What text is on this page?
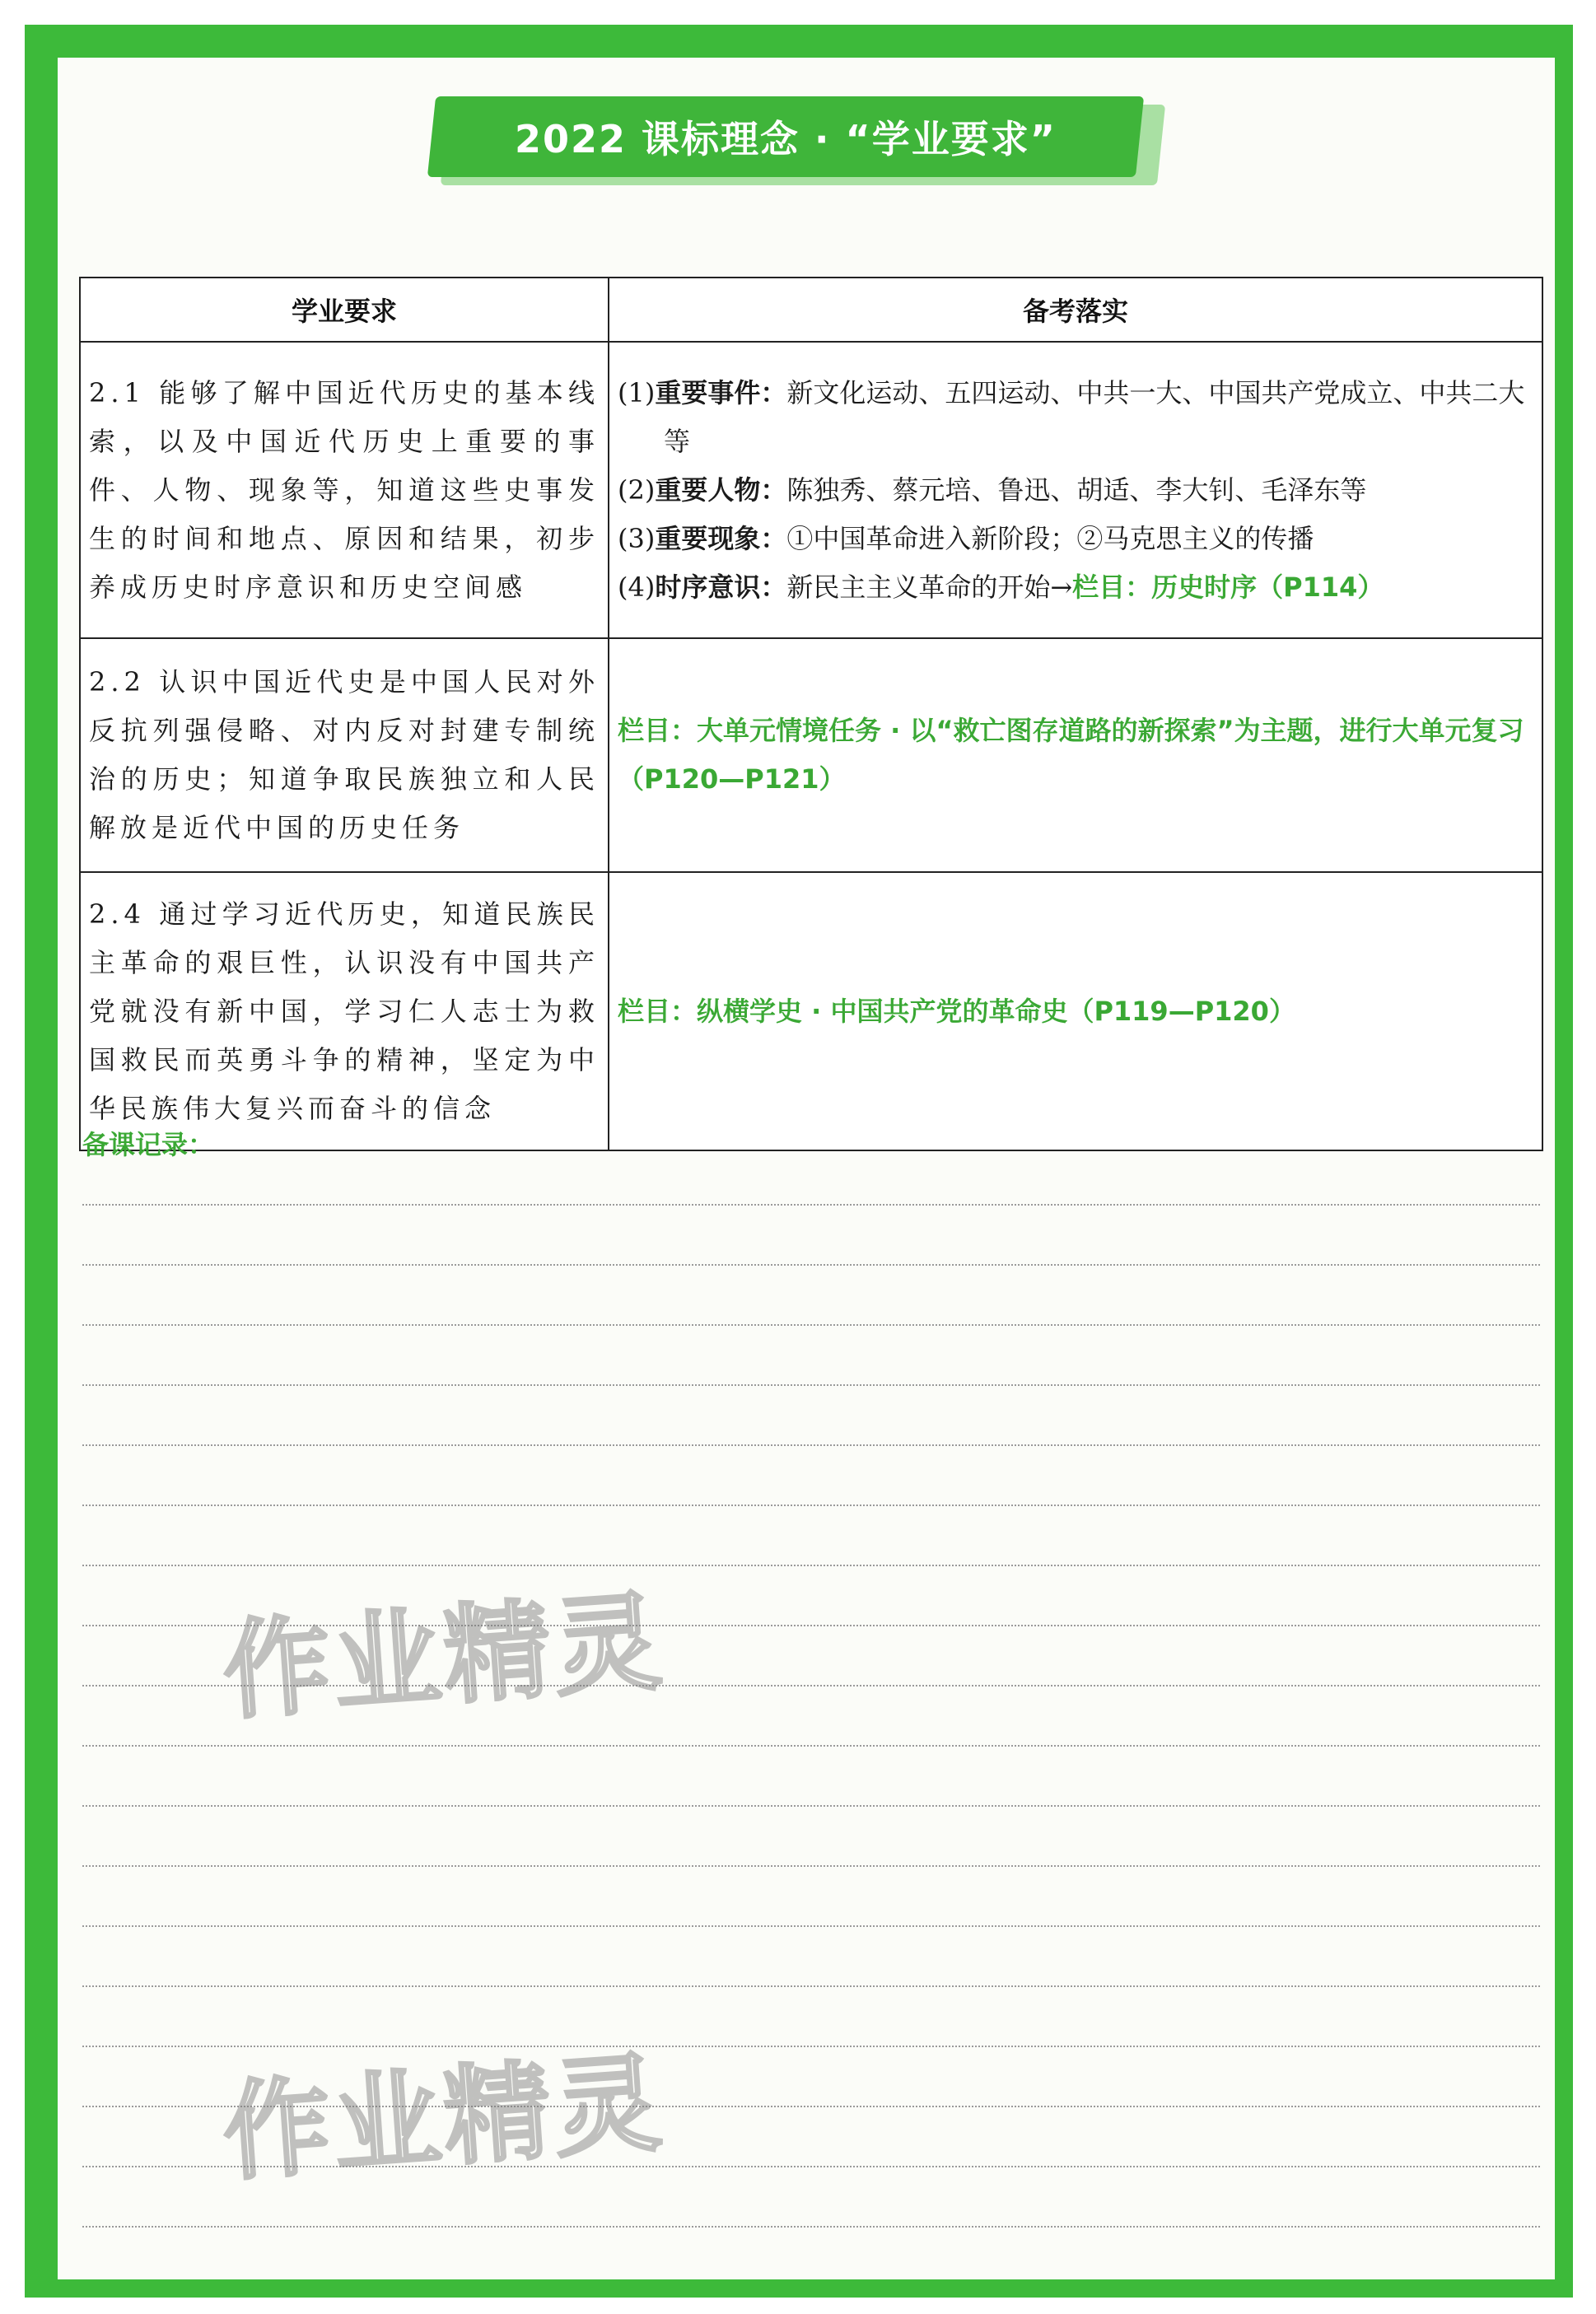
2022 课标理念 · “学业要求”
学业要求	备考落实
2.1 能够了解中国近代历史的基本线索，以及中国近代历史上重要的事件、人物、现象等，知道这些史事发生的时间和地点、原因和结果，初步养成历史时序意识和历史空间感	(1)重要事件：新文化运动、五四运动、中共一大、中国共产党成立、中共二大等
(2)重要人物：陈独秀、蔡元培、鲁迅、胡适、李大钊、毛泽东等
(3)重要现象：①中国革命进入新阶段；②马克思主义的传播
(4)时序意识：新民主主义革命的开始→栏目：历史时序（P114）

2.2 认识中国近代史是中国人民对外反抗列强侵略、对内反对封建专制统治的历史；知道争取民族独立和人民解放是近代中国的历史任务	栏目：大单元情境任务 · 以“救亡图存道路的新探索”为主题，进行大单元复习（P120—P121）
2.4 通过学习近代历史，知道民族民主革命的艰巨性，认识没有中国共产党就没有新中国，学习仁人志士为救国救民而英勇斗争的精神，坚定为中华民族伟大复兴而奋斗的信念	栏目：纵横学史 · 中国共产党的革命史（P119—P120）
备课记录：
作业精灵
作业精灵
